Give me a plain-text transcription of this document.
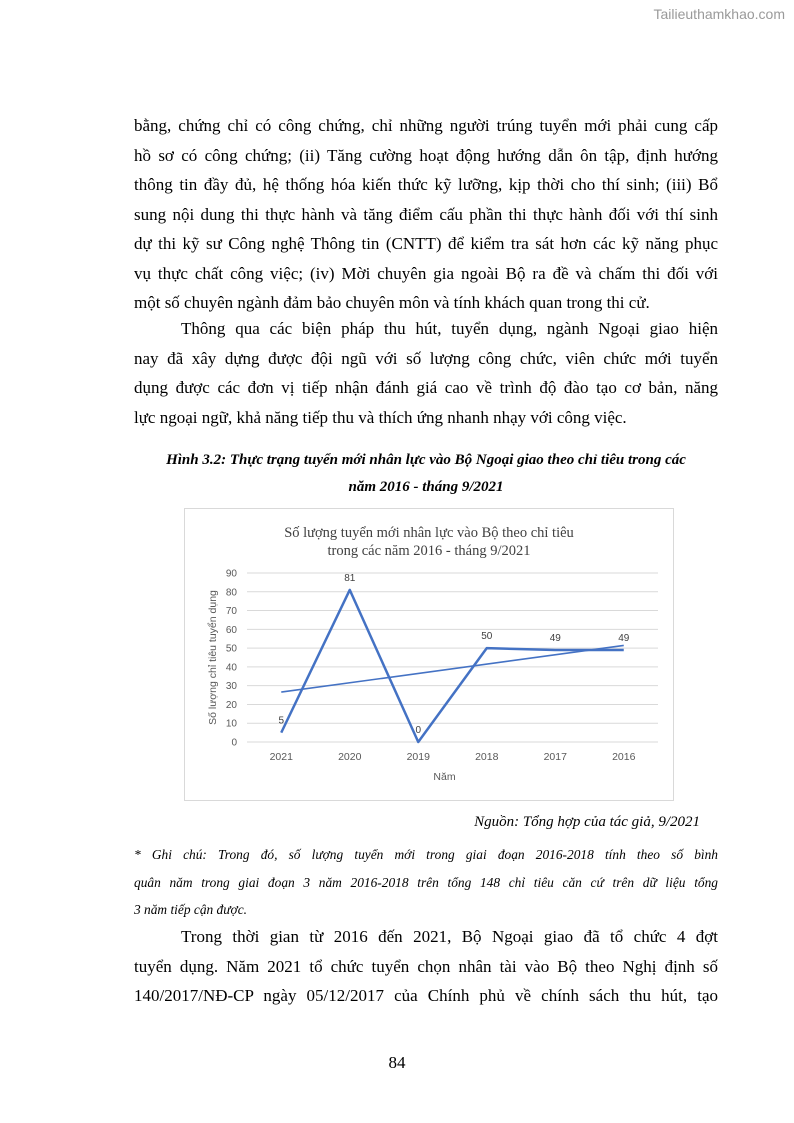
Tailieuthamkhao.com
bằng, chứng chỉ có công chứng, chỉ những người trúng tuyển mới phải cung cấp
hồ sơ có công chứng; (ii) Tăng cường hoạt động hướng dẫn ôn tập, định hướng
thông tin đầy đủ, hệ thống hóa kiến thức kỹ lưỡng, kịp thời cho thí sinh; (iii) Bổ
sung nội dung thi thực hành và tăng điểm cấu phần thi thực hành đối với thí sinh
dự thi kỹ sư Công nghệ Thông tin (CNTT) để kiểm tra sát hơn các kỹ năng phục
vụ thực chất công việc; (iv) Mời chuyên gia ngoài Bộ ra đề và chấm thi đối với
một số chuyên ngành đảm bảo chuyên môn và tính khách quan trong thi cử.
Thông qua các biện pháp thu hút, tuyển dụng, ngành Ngoại giao hiện
nay đã xây dựng được đội ngũ với số lượng công chức, viên chức mới tuyển
dụng được các đơn vị tiếp nhận đánh giá cao về trình độ đào tạo cơ bản, năng
lực ngoại ngữ, khả năng tiếp thu và thích ứng nhanh nhạy với công việc.
Hình 3.2: Thực trạng tuyển mới nhân lực vào Bộ Ngoại giao theo chỉ tiêu trong các
năm 2016 - tháng 9/2021
Số lượng tuyển mới nhân lực vào Bộ theo chỉ tiêu
trong các năm 2016 - tháng 9/2021
0
10
20
30
40
50
60
70
80
90
2021	2020	2019	2018	2017	2016
Năm
Số lượng chỉ tiêu tuyển dụng	5
81
0
50	49	49
Nguồn: Tổng hợp của tác giả, 9/2021
* Ghi chú: Trong đó, số lượng tuyển mới trong giai đoạn 2016-2018 tính theo số bình
quân năm trong giai đoạn 3 năm 2016-2018 trên tổng 148 chỉ tiêu căn cứ trên dữ liệu tổng
3 năm tiếp cận được.
Trong thời gian từ 2016 đến 2021, Bộ Ngoại giao đã tổ chức 4 đợt
tuyển dụng. Năm 2021 tổ chức tuyển chọn nhân tài vào Bộ theo Nghị định số
140/2017/NĐ-CP ngày 05/12/2017 của Chính phủ về chính sách thu hút, tạo
84
